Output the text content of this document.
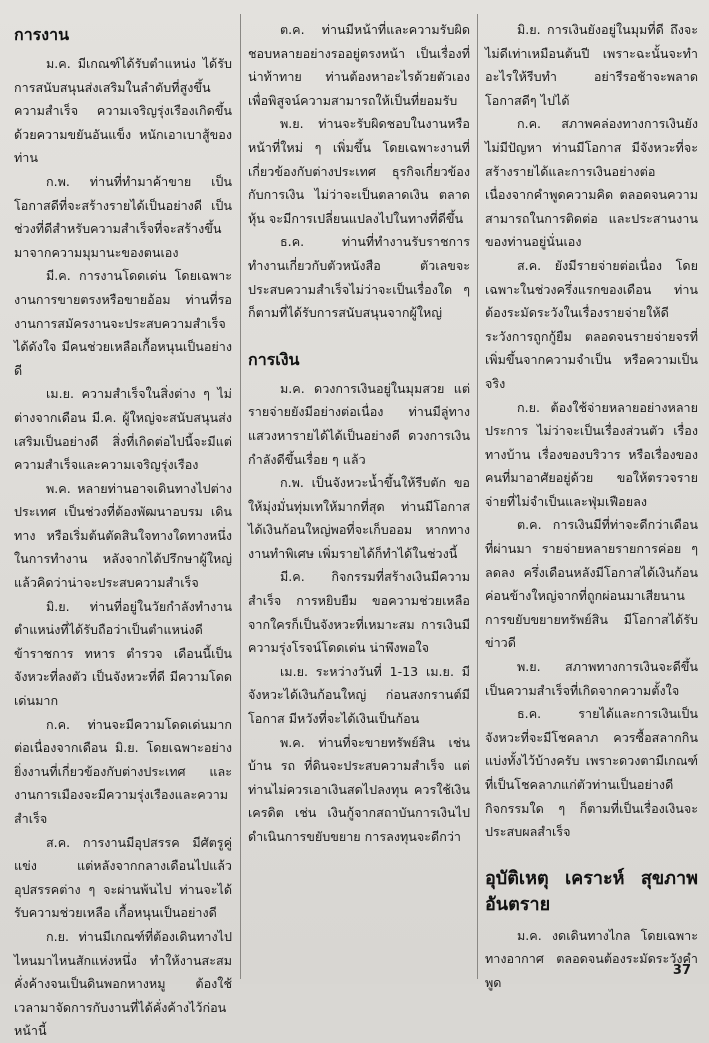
การงาน

ม.ค. มีเกณฑ์ได้รับตำแหน่ง ได้รับการสนับสนุนส่งเสริมในลำดับที่สูงขึ้น ความสำเร็จ ความเจริญรุ่งเรืองเกิดขึ้นด้วยความขยันอันแข็ง หนักเอาเบาสู้ของท่าน

ก.พ. ท่านที่ทำมาค้าขาย เป็นโอกาสดีที่จะสร้างรายได้เป็นอย่างดี เป็นช่วงที่ดีสำหรับความสำเร็จที่จะสร้างขึ้นมาจากความมุมานะของตนเอง

มี.ค. การงานโดดเด่น โดยเฉพาะงานการขายตรงหรือขายอ้อม ท่านที่รองานการสมัครงานจะประสบความสำเร็จได้ดังใจ มีคนช่วยเหลือเกื้อหนุนเป็นอย่างดี

เม.ย. ความสำเร็จในสิ่งต่าง ๆ ไม่ต่างจากเดือน มี.ค. ผู้ใหญ่จะสนับสนุนส่งเสริมเป็นอย่างดี สิ่งที่เกิดต่อไปนี้จะมีแต่ความสำเร็จและความเจริญรุ่งเรือง

พ.ค. หลายท่านอาจเดินทางไปต่างประเทศ เป็นช่วงที่ต้องพัฒนาอบรม เดินทาง หรือเริ่มต้นตัดสินใจทางใดทางหนึ่งในการทำงาน หลังจากได้ปรึกษาผู้ใหญ่แล้วคิดว่าน่าจะประสบความสำเร็จ

มิ.ย. ท่านที่อยู่ในวัยกำลังทำงาน ตำแหน่งที่ได้รับถือว่าเป็นตำแหน่งดี ข้าราชการ ทหาร ตำรวจ เดือนนี้เป็นจังหวะที่ลงตัว เป็นจังหวะที่ดี มีความโดดเด่นมาก

ก.ค. ท่านจะมีความโดดเด่นมากต่อเนื่องจากเดือน มิ.ย. โดยเฉพาะอย่างยิ่งงานที่เกี่ยวข้องกับต่างประเทศ และงานการเมืองจะมีความรุ่งเรืองและความสำเร็จ

ส.ค. การงานมีอุปสรรค มีศัตรูคู่แข่ง แต่หลังจากกลางเดือนไปแล้วอุปสรรคต่าง ๆ จะผ่านพ้นไป ท่านจะได้รับความช่วยเหลือ เกื้อหนุนเป็นอย่างดี

ก.ย. ท่านมีเกณฑ์ที่ต้องเดินทางไปไหนมาไหนสักแห่งหนึ่ง ทำให้งานสะสมคั่งค้างจนเป็นดินพอกหางหมู ต้องใช้เวลามาจัดการกับงานที่ได้คั่งค้างไว้ก่อนหน้านี้

ต.ค. ท่านมีหน้าที่และความรับผิดชอบหลายอย่างรออยู่ตรงหน้า เป็นเรื่องที่น่าท้าทาย ท่านต้องหาอะไรด้วยตัวเองเพื่อพิสูจน์ความสามารถให้เป็นที่ยอมรับ

พ.ย. ท่านจะรับผิดชอบในงานหรือหน้าที่ใหม่ ๆ เพิ่มขึ้น โดยเฉพาะงานที่เกี่ยวข้องกับต่างประเทศ ธุรกิจเกี่ยวข้องกับการเงิน ไม่ว่าจะเป็นตลาดเงิน ตลาดหุ้น จะมีการเปลี่ยนแปลงไปในทางที่ดีขึ้น

ธ.ค. ท่านที่ทำงานรับราชการ ทำงานเกี่ยวกับตัวหนังสือ ตัวเลขจะประสบความสำเร็จไม่ว่าจะเป็นเรื่องใด ๆ ก็ตามที่ได้รับการสนับสนุนจากผู้ใหญ่

การเงิน

ม.ค. ดวงการเงินอยู่ในมุมสวย แต่รายจ่ายยังมีอย่างต่อเนื่อง ท่านมีลู่ทางแสวงหารายได้ได้เป็นอย่างดี ดวงการเงินกำลังดีขึ้นเรื่อย ๆ แล้ว

ก.พ. เป็นจังหวะน้ำขึ้นให้รีบตัก ขอให้มุ่งมั่นทุ่มเทให้มากที่สุด ท่านมีโอกาสได้เงินก้อนใหญ่พอที่จะเก็บออม หากทางงานทำพิเศษ เพิ่มรายได้ก็ทำได้ในช่วงนี้

มี.ค. กิจกรรมที่สร้างเงินมีความสำเร็จ การหยิบยืม ขอความช่วยเหลือจากใครก็เป็นจังหวะที่เหมาะสม การเงินมีความรุ่งโรจน์โดดเด่น น่าพึงพอใจ

เม.ย. ระหว่างวันที่ 1-13 เม.ย. มีจังหวะได้เงินก้อนใหญ่ ก่อนสงกรานต์มีโอกาส มีหวังที่จะได้เงินเป็นก้อน

พ.ค. ท่านที่จะขายทรัพย์สิน เช่น บ้าน รถ ที่ดินจะประสบความสำเร็จ แต่ท่านไม่ควรเอาเงินสดไปลงทุน ควรใช้เงินเครดิต เช่น เงินกู้จากสถาบันการเงินไปดำเนินการขยับขยาย การลงทุนจะดีกว่า

มิ.ย. การเงินยังอยู่ในมุมที่ดี ถึงจะไม่ดีเท่าเหมือนต้นปี เพราะฉะนั้นจะทำอะไรให้รีบทำ อย่ารีรอช้าจะพลาดโอกาสดีๆ ไปได้

ก.ค. สภาพคล่องทางการเงินยังไม่มีปัญหา ท่านมีโอกาส มีจังหวะที่จะสร้างรายได้และการเงินอย่างต่อเนื่องจากคำพูดความคิด ตลอดจนความสามารถในการติดต่อ และประสานงานของท่านอยู่นั่นเอง

ส.ค. ยังมีรายจ่ายต่อเนื่อง โดยเฉพาะในช่วงครึ่งแรกของเดือน ท่านต้องระมัดระวังในเรื่องรายจ่ายให้ดี ระวังการถูกกู้ยืม ตลอดจนรายจ่ายจรที่เพิ่มขึ้นจากความจำเป็น หรือความเป็นจริง

ก.ย. ต้องใช้จ่ายหลายอย่างหลายประการ ไม่ว่าจะเป็นเรื่องส่วนตัว เรื่องทางบ้าน เรื่องของบริวาร หรือเรื่องของคนที่มาอาศัยอยู่ด้วย ขอให้ตรวจรายจ่ายที่ไม่จำเป็นและฟุ่มเฟือยลง

ต.ค. การเงินมีที่ท่าจะดีกว่าเดือนที่ผ่านมา รายจ่ายหลายรายการค่อย ๆ ลดลง ครึ่งเดือนหลังมีโอกาสได้เงินก้อนค่อนข้างใหญ่จากที่ถูกผ่อนมาเสียนาน การขยับขยายทรัพย์สิน มีโอกาสได้รับข่าวดี

พ.ย. สภาพทางการเงินจะดีขึ้นเป็นความสำเร็จที่เกิดจากความตั้งใจ

ธ.ค. รายได้และการเงินเป็นจังหวะที่จะมีโชคลาภ ควรซื้อสลากกินแบ่งทั้งไว้บ้างครับ เพราะดวงตามีเกณฑ์ที่เป็นโชคลาภแก่ตัวท่านเป็นอย่างดี กิจกรรมใด ๆ ก็ตามที่เป็นเรื่องเงินจะประสบผลสำเร็จ

อุบัติเหตุ เคราะห์ สุขภาพ อันตราย

ม.ค. งดเดินทางไกล โดยเฉพาะทางอากาศ ตลอดจนต้องระมัดระวังคำพูด

37
